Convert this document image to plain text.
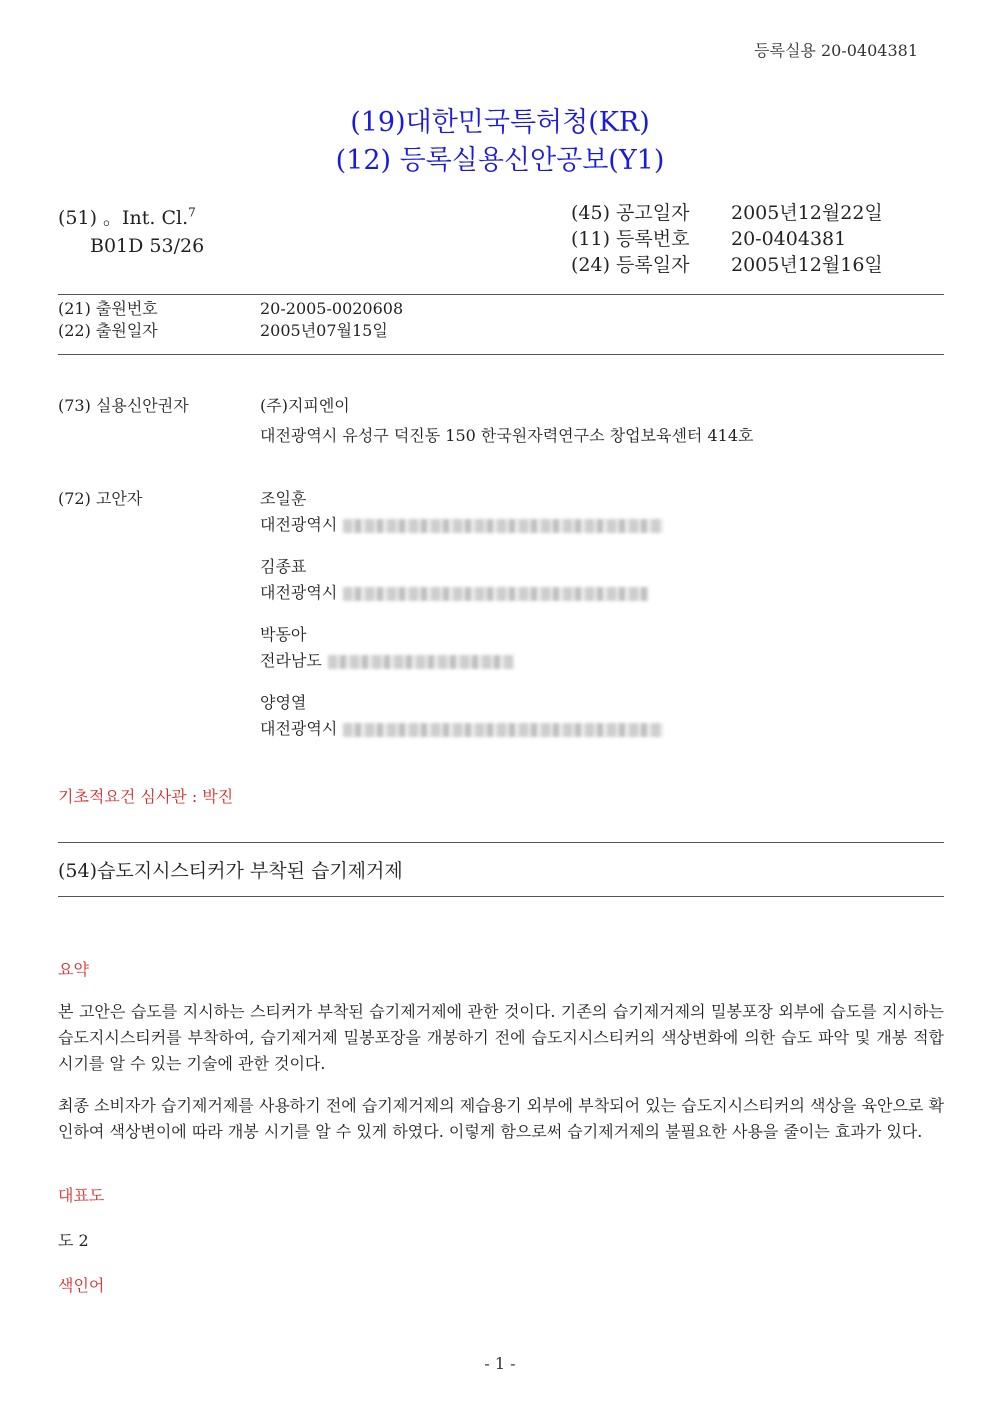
등록실용 20-0404381
(19)대한민국특허청(KR)
(12) 등록실용신안공보(Y1)
(51) 。Int. Cl.$^7$
B01D 53/26
(45) 공고일자	2005년12월22일
(11) 등록번호	20-0404381
(24) 등록일자	2005년12월16일
(21) 출원번호	20-2005-0020608
(22) 출원일자	2005년07월15일
(73) 실용신안권자	(주)지피엔이
대전광역시 유성구 덕진동 150 한국원자력연구소 창업보육센터 414호
(72) 고안자	조일훈
대전광역시
김종표
대전광역시
박동아
전라남도
양영열
대전광역시
기초적요건 심사관 : 박진
(54)습도지시스티커가 부착된 습기제거제
요약
본 고안은 습도를 지시하는 스티커가 부착된 습기제거제에 관한 것이다. 기존의 습기제거제의 밀봉포장 외부에 습도를 지시하는 습도지시스티커를 부착하여, 습기제거제 밀봉포장을 개봉하기 전에 습도지시스티커의 색상변화에 의한 습도 파악 및 개봉 적합 시기를 알 수 있는 기술에 관한 것이다.
최종 소비자가 습기제거제를 사용하기 전에 습기제거제의 제습용기 외부에 부착되어 있는 습도지시스티커의 색상을 육안으로 확인하여 색상변이에 따라 개봉 시기를 알 수 있게 하였다. 이렇게 함으로써 습기제거제의 불필요한 사용을 줄이는 효과가 있다.
대표도
도 2
색인어
- 1 -
